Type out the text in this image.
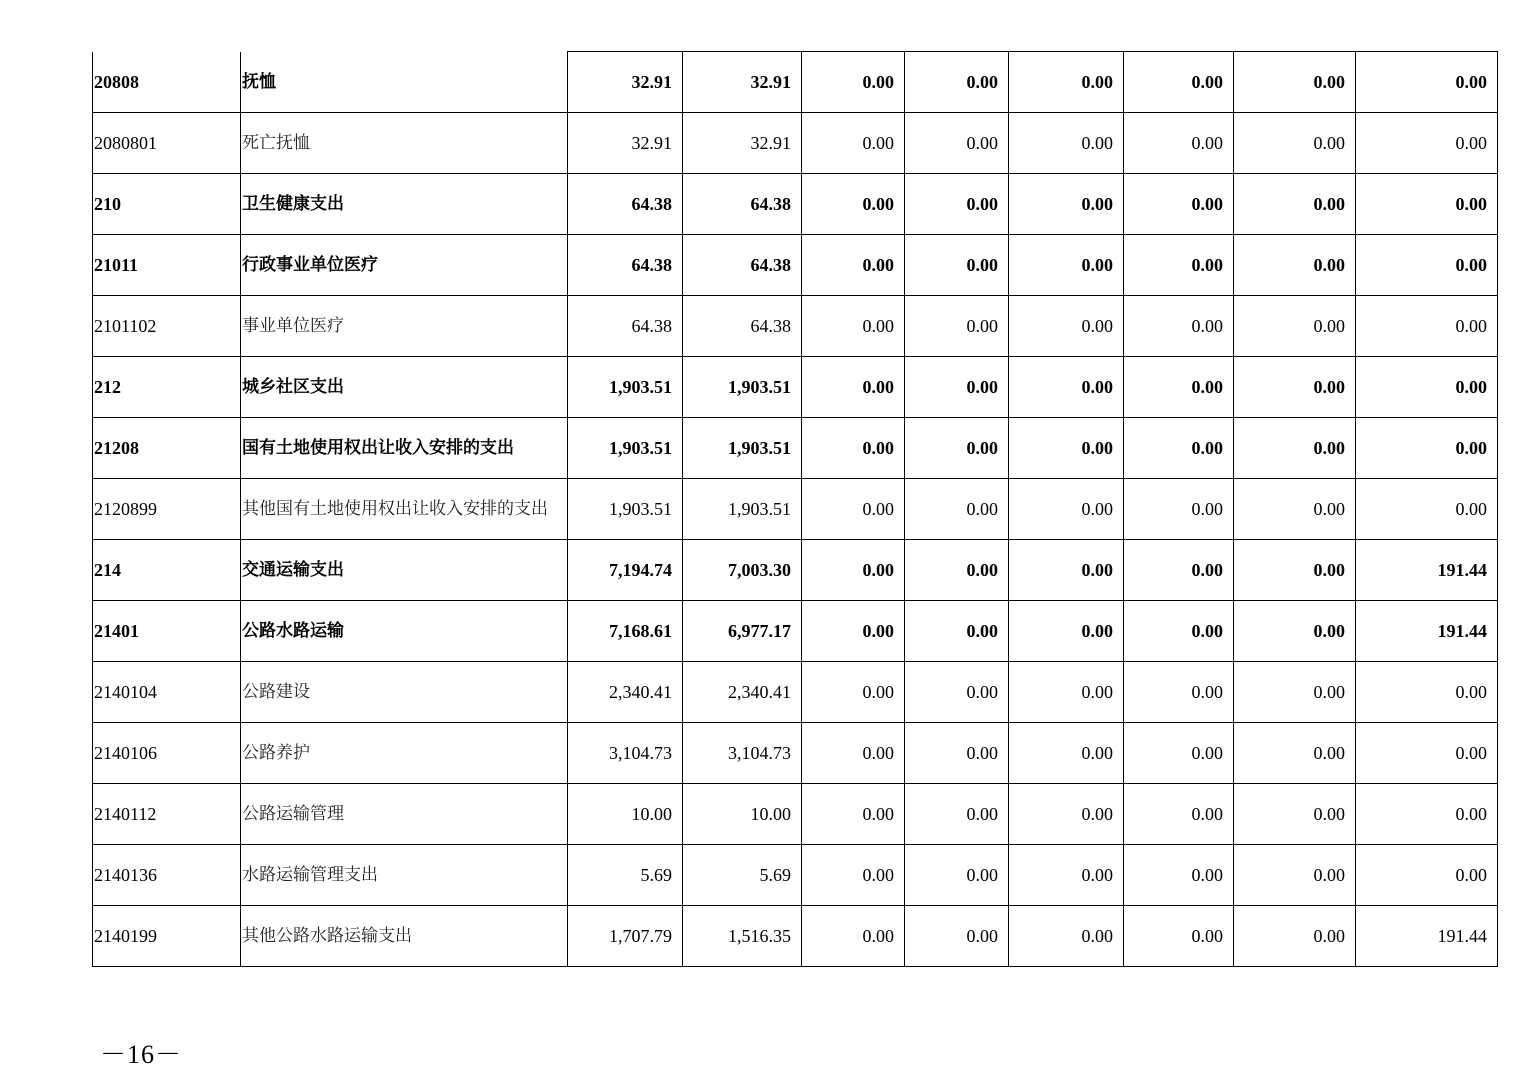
20808	抚恤	32.91	32.91	0.00	0.00	0.00	0.00	0.00	0.00
2080801	死亡抚恤	32.91	32.91	0.00	0.00	0.00	0.00	0.00	0.00
210	卫生健康支出	64.38	64.38	0.00	0.00	0.00	0.00	0.00	0.00
21011	行政事业单位医疗	64.38	64.38	0.00	0.00	0.00	0.00	0.00	0.00
2101102	事业单位医疗	64.38	64.38	0.00	0.00	0.00	0.00	0.00	0.00
212	城乡社区支出	1,903.51	1,903.51	0.00	0.00	0.00	0.00	0.00	0.00
21208	国有土地使用权出让收入安排的支出	1,903.51	1,903.51	0.00	0.00	0.00	0.00	0.00	0.00
2120899	其他国有土地使用权出让收入安排的支出	1,903.51	1,903.51	0.00	0.00	0.00	0.00	0.00	0.00
214	交通运输支出	7,194.74	7,003.30	0.00	0.00	0.00	0.00	0.00	191.44
21401	公路水路运输	7,168.61	6,977.17	0.00	0.00	0.00	0.00	0.00	191.44
2140104	公路建设	2,340.41	2,340.41	0.00	0.00	0.00	0.00	0.00	0.00
2140106	公路养护	3,104.73	3,104.73	0.00	0.00	0.00	0.00	0.00	0.00
2140112	公路运输管理	10.00	10.00	0.00	0.00	0.00	0.00	0.00	0.00
2140136	水路运输管理支出	5.69	5.69	0.00	0.00	0.00	0.00	0.00	0.00
2140199	其他公路水路运输支出	1,707.79	1,516.35	0.00	0.00	0.00	0.00	0.00	191.44
－16－
